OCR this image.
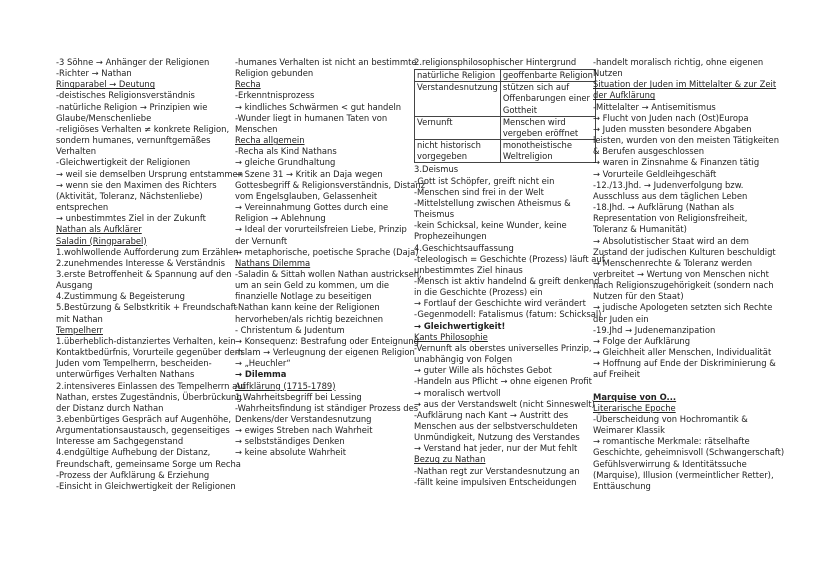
-3 Söhne → Anhänger der Religionen
-Richter → Nathan
Ringparabel → Deutung
-deistisches Religionsverständnis
-natürliche Religion → Prinzipien wie
Glaube/Menschenliebe
-religiöses Verhalten ≠ konkrete Religion,
sondern humanes, vernunftgemäßes
Verhalten
-Gleichwertigkeit der Religionen
→ weil sie demselben Ursprung entstammen
→ wenn sie den Maximen des Richters
(Aktivität, Toleranz, Nächstenliebe)
entsprechen
→ unbestimmtes Ziel in der Zukunft
Nathan als Aufklärer
Saladin (Ringparabel)
1.wohlwollende Aufforderung zum Erzählen
2.zunehmendes Interesse & Verständnis
3.erste Betroffenheit & Spannung auf den
Ausgang
4.Zustimmung & Begeisterung
5.Bestürzung & Selbstkritik + Freundschaft
mit Nathan
Tempelherr
1.überheblich-distanziertes Verhalten, kein
Kontaktbedürfnis, Vorurteile gegenüber dem
Juden vom Tempelherrn, bescheiden-
unterwürfiges Verhalten Nathans
2.intensiveres Einlassen des Tempelherrn auf
Nathan, erstes Zugeständnis, Überbrückung
der Distanz durch Nathan
3.ebenbürtiges Gespräch auf Augenhöhe,
Argumentationsaustausch, gegenseitiges
Interesse am Sachgegenstand
4.endgültige Aufhebung der Distanz,
Freundschaft, gemeinsame Sorge um Recha
-Prozess der Aufklärung & Erziehung
-Einsicht in Gleichwertigkeit der Religionen
-humanes Verhalten ist nicht an bestimmte
Religion gebunden
Recha
-Erkenntnisprozess
→ kindliches Schwärmen < gut handeln
-Wunder liegt in humanen Taten von
Menschen
Recha allgemein
-Recha als Kind Nathans
→ gleiche Grundhaltung
→ Szene 31 → Kritik an Daja wegen
Gottesbegriff & Religionsverständnis, Distanz
vom Engelsglauben, Gelassenheit
→ Vereinnahmung Gottes durch eine
Religion → Ablehnung
→ Ideal der vorurteilsfreien Liebe, Prinzip
der Vernunft
→ metaphorische, poetische Sprache (Daja)
Nathans Dilemma
-Saladin & Sittah wollen Nathan austricksen,
um an sein Geld zu kommen, um die
finanzielle Notlage zu beseitigen
-Nathan kann keine der Religionen
hervorheben/als richtig bezeichnen
- Christentum & Judentum
→ Konsequenz: Bestrafung oder Enteignung
-Islam → Verleugnung der eigenen Religion
→ „Heuchler“
→ Dilemma
Aufklärung (1715-1789)
1.Wahrheitsbegriff bei Lessing
-Wahrheitsfindung ist ständiger Prozess des
Denkens/der Verstandesnutzung
→ ewiges Streben nach Wahrheit
→ selbstständiges Denken
→ keine absolute Wahrheit
2.religionsphilosophischer Hintergrund
natürliche Religion	geoffenbarte Religion
Verstandesnutzung	stützen sich auf Offenbarungen einer Gottheit
Vernunft	Menschen wird vergeben eröffnet
nicht historisch vorgegeben	monotheistische Weltreligion
3.Deismus
-Gott ist Schöpfer, greift nicht ein
-Menschen sind frei in der Welt
-Mittelstellung zwischen Atheismus &
Theismus
-kein Schicksal, keine Wunder, keine
Prophezeihungen
4.Geschichtsauffassung
-teleologisch = Geschichte (Prozess) läuft auf
unbestimmtes Ziel hinaus
-Mensch ist aktiv handelnd & greift denkend
in die Geschichte (Prozess) ein
→ Fortlauf der Geschichte wird verändert
-Gegenmodell: Fatalismus (fatum: Schicksal)
→ Gleichwertigkeit!
Kants Philosophie
-Vernunft als oberstes universelles Prinzip,
unabhängig von Folgen
→ guter Wille als höchstes Gebot
-Handeln aus Pflicht → ohne eigenen Profit
→ moralisch wertvoll
→ aus der Verstandswelt (nicht Sinneswelt)
-Aufklärung nach Kant → Austritt des
Menschen aus der selbstverschuldeten
Unmündigkeit, Nutzung des Verstandes
→ Verstand hat jeder, nur der Mut fehlt
Bezug zu Nathan
-Nathan regt zur Verstandesnutzung an
-fällt keine impulsiven Entscheidungen
-handelt moralisch richtig, ohne eigenen
Nutzen
Situation der Juden im Mittelalter & zur Zeit
der Aufklärung
-Mittelalter → Antisemitismus
→ Flucht von Juden nach (Ost)Europa
→ Juden mussten besondere Abgaben
leisten, wurden von den meisten Tätigkeiten
& Berufen ausgeschlossen
→ waren in Zinsnahme & Finanzen tätig
→ Vorurteile Geldleihgeschäft
-12./13.Jhd. → Judenverfolgung bzw.
Ausschluss aus dem täglichen Leben
-18.Jhd. → Aufklärung (Nathan als
Representation von Religionsfreiheit,
Toleranz & Humanität)
→ Absolutistischer Staat wird an dem
Zustand der judischen Kulturen beschuldigt
→ Menschenrechte & Toleranz werden
verbreitet → Wertung von Menschen nicht
nach Religionszugehörigkeit (sondern nach
Nutzen für den Staat)
→ judische Apologeten setzten sich Rechte
der Juden ein
-19.Jhd → Judenemanzipation
→ Folge der Aufklärung
→ Gleichheit aller Menschen, Individualität
→ Hoffnung auf Ende der Diskriminierung &
auf Freiheit

Marquise von O...
Literarische Epoche
-Überscheidung von Hochromantik &
Weimarer Klassik
→ romantische Merkmale: rätselhafte
Geschichte, geheimnisvoll (Schwangerschaft)
Gefühlsverwirrung & Identitätssuche
(Marquise), Illusion (vermeintlicher Retter),
Enttäuschung
